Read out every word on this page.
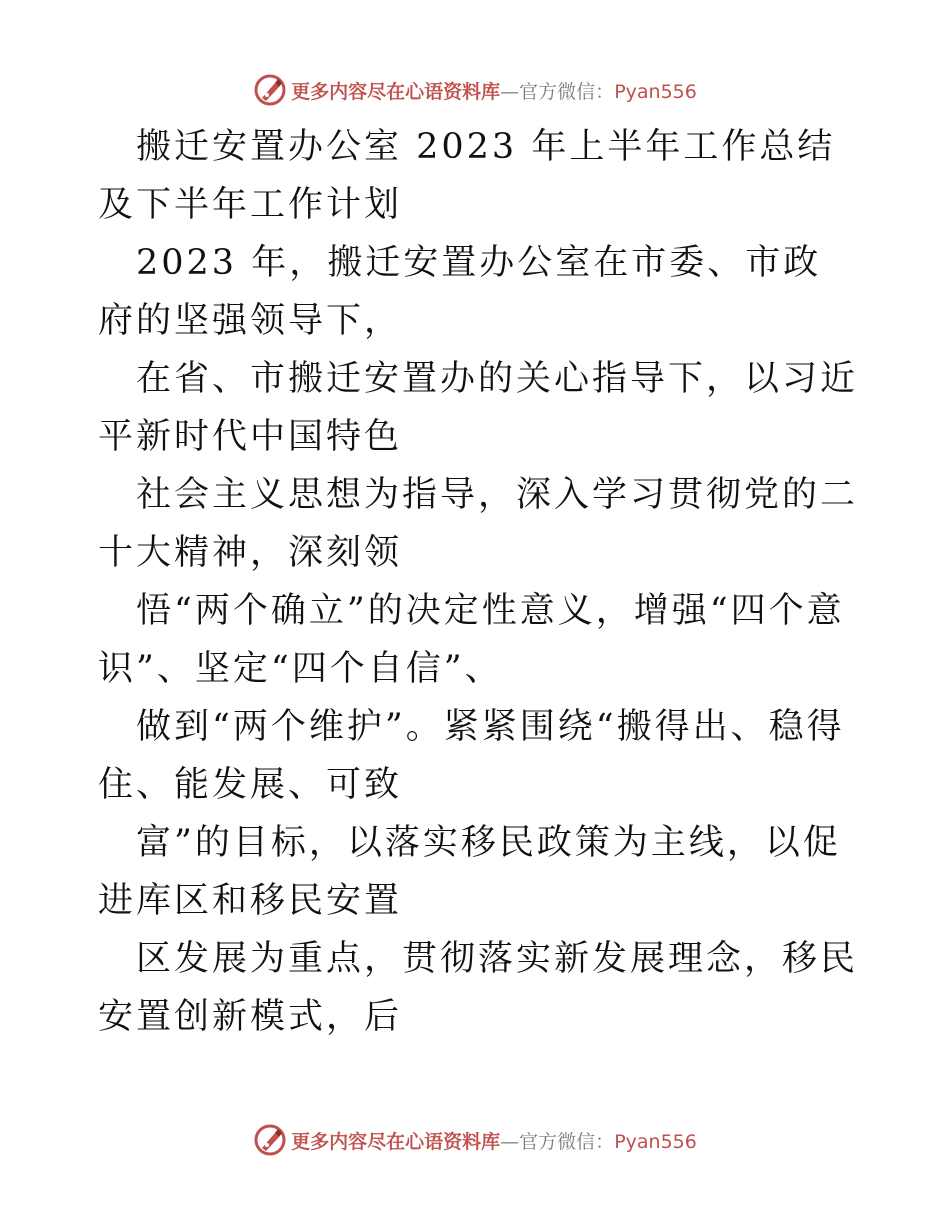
更多内容尽在心语资料库—官方微信：Pyan556

搬迁安置办公室 2023 年上半年工作总结及下半年工作计划

2023 年，搬迁安置办公室在市委、市政府的坚强领导下，

在省、市搬迁安置办的关心指导下，以习近平新时代中国特色

社会主义思想为指导，深入学习贯彻党的二十大精神，深刻领

悟“两个确立”的决定性意义，增强“四个意识”、坚定“四个自信”、

做到“两个维护”。紧紧围绕“搬得出、稳得住、能发展、可致

富”的目标，以落实移民政策为主线，以促进库区和移民安置

区发展为重点，贯彻落实新发展理念，移民安置创新模式，后

更多内容尽在心语资料库—官方微信：Pyan556
